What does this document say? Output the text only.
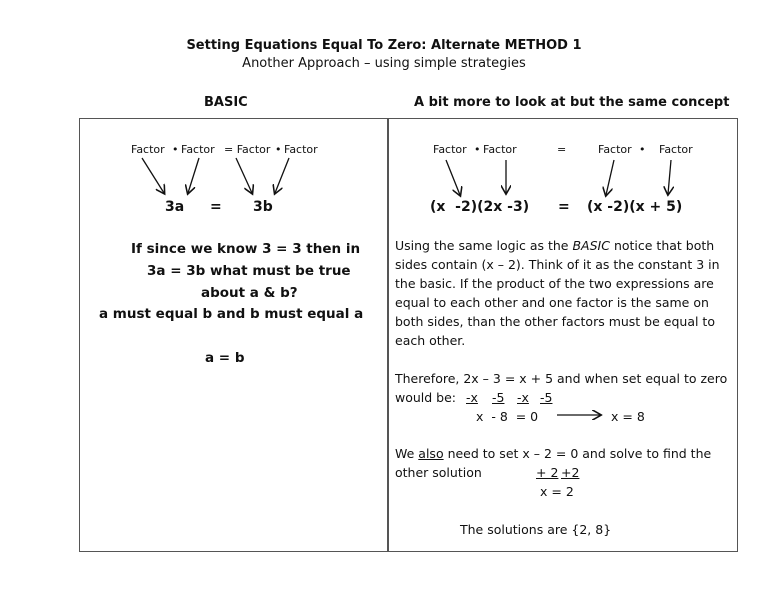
Setting Equations Equal To Zero: Alternate METHOD 1
Another Approach – using simple strategies
BASIC	A bit more to look at but the same concept
Factor • Factor = Factor • Factor
3a = 3b
If since we know 3 = 3 then in
3a = 3b what must be true
about a & b?
a must equal b and b must equal a
a = b
Factor • Factor	=	Factor • Factor
(x  -2)(2x -3) = (x -2)(x + 5)
Using the same logic as the BASIC notice that both
sides contain (x – 2). Think of it as the constant 3 in
the basic. If the product of the two expressions are
equal to each other and one factor is the same on
both sides, than the other factors must be equal to
each other.
Therefore, 2x – 3 = x + 5 and when set equal to zero
would be: -x -5 -x -5
x  - 8  = 0	x = 8
We also need to set x – 2 = 0 and solve to find the
other solution	+ 2 +2
x = 2
The solutions are {2, 8}
